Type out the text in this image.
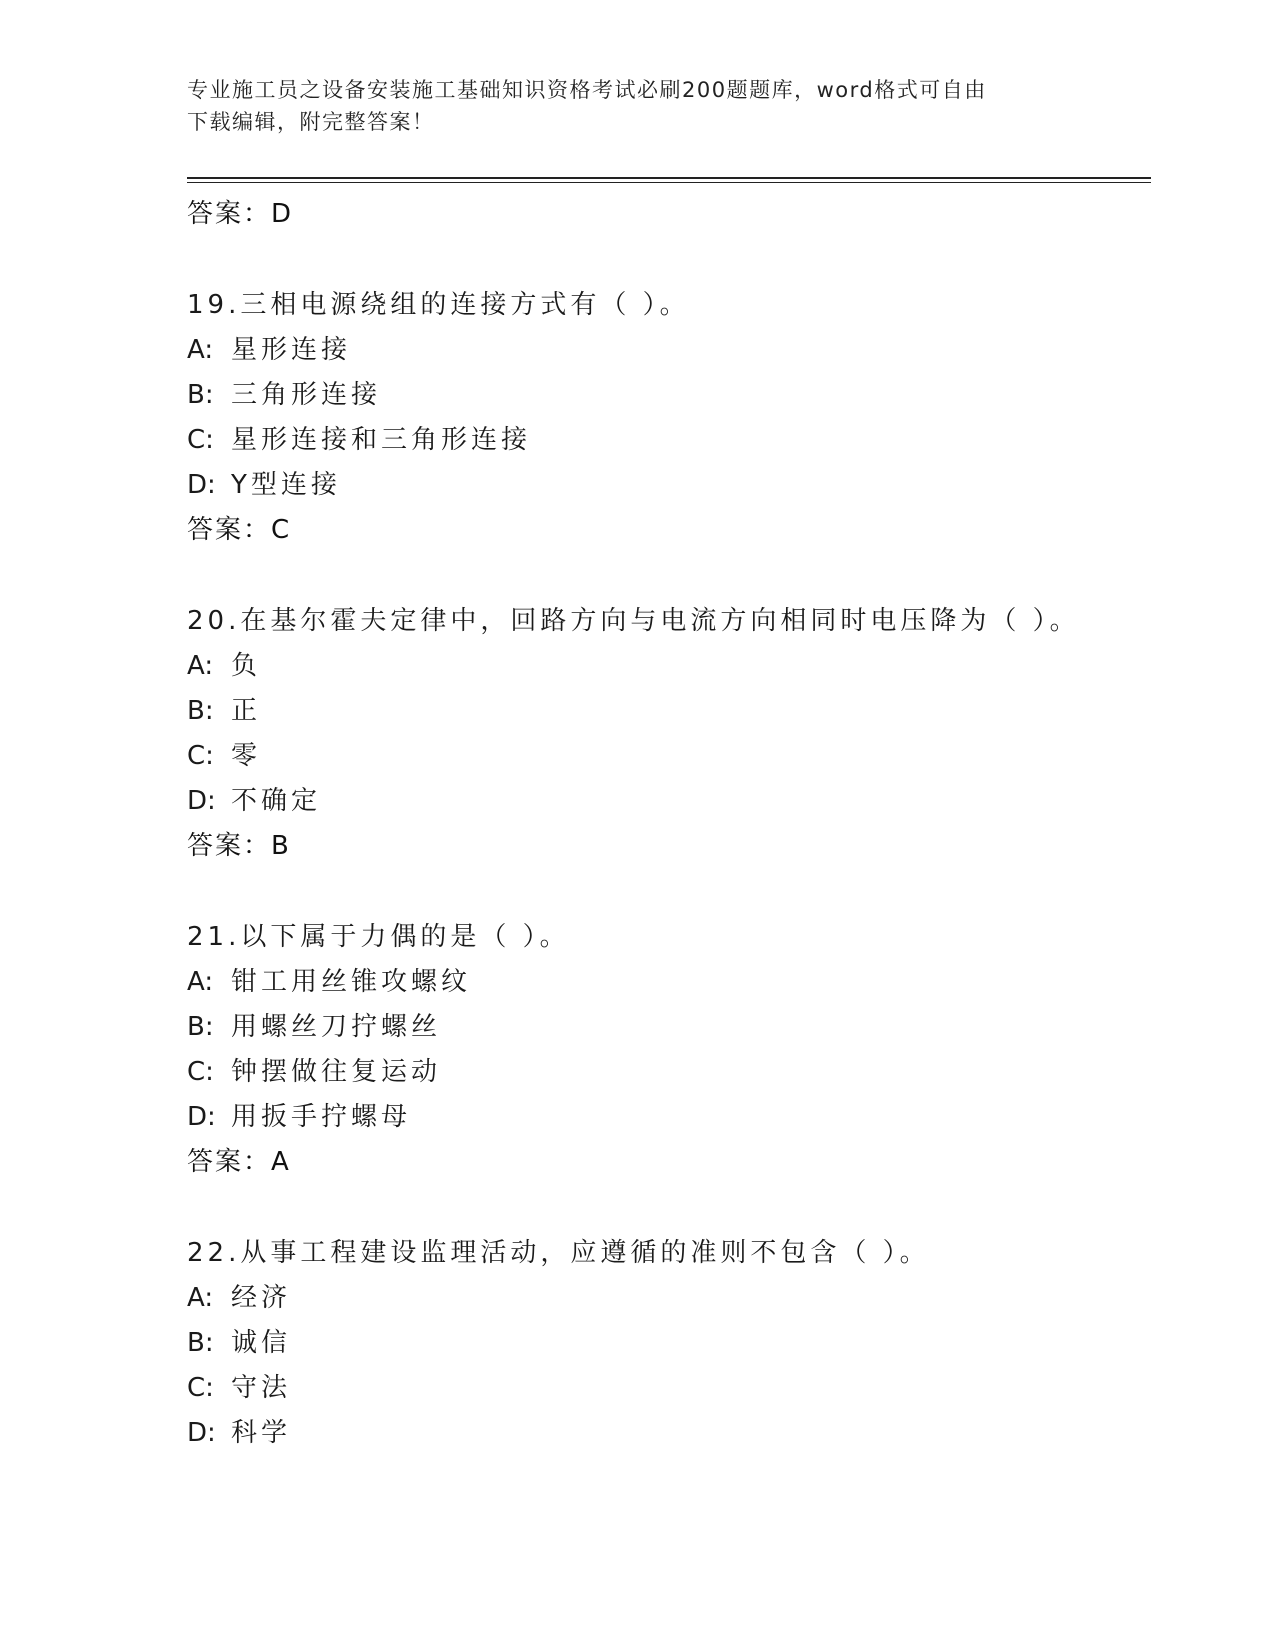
专业施工员之设备安装施工基础知识资格考试必刷200题题库，word格式可自由
下载编辑，附完整答案！
答案：D
19.三相电源绕组的连接方式有（ ）。
A: 星形连接
B: 三角形连接
C: 星形连接和三角形连接
D: Y型连接
答案：C
20.在基尔霍夫定律中，回路方向与电流方向相同时电压降为（ ）。
A: 负
B: 正
C: 零
D: 不确定
答案：B
21.以下属于力偶的是（ ）。
A: 钳工用丝锥攻螺纹
B: 用螺丝刀拧螺丝
C: 钟摆做往复运动
D: 用扳手拧螺母
答案：A
22.从事工程建设监理活动，应遵循的准则不包含（ ）。
A: 经济
B: 诚信
C: 守法
D: 科学
